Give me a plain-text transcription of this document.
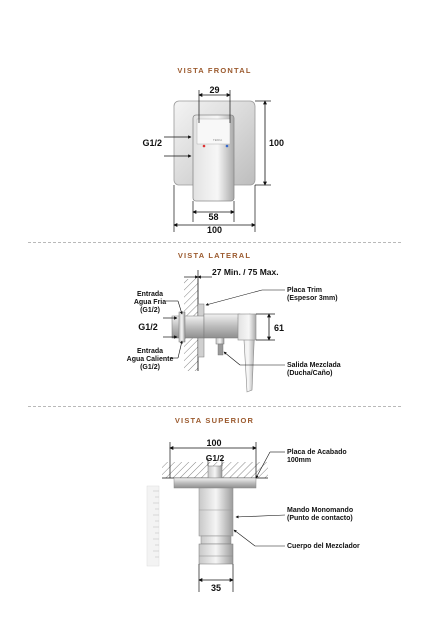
VISTA FRONTAL
VISTA LATERAL
VISTA SUPERIOR
TEKKA
29
G1/2	100
58
100
27 Min. / 75 Max.
Entrada
Agua Fria
(G1/2)
G1/2
Entrada
Agua Caliente
(G1/2)
Placa Trim
(Espesor 3mm)
61
Salida Mezclada
(Ducha/Caño)
100
G1/2
Placa de Acabado
100mm
Mando Monomando
(Punto de contacto)
Cuerpo del Mezclador
35
